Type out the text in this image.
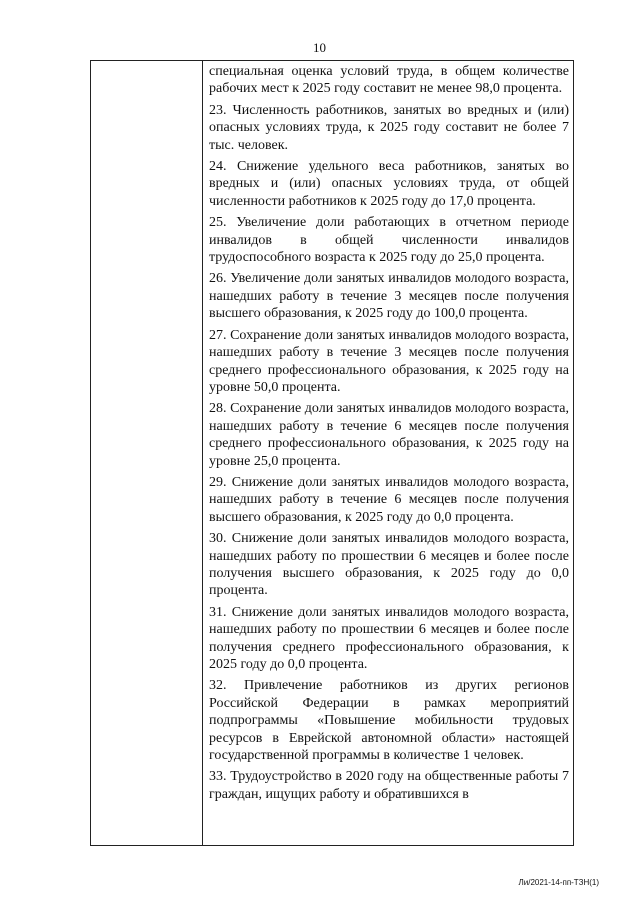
10

специальная оценка условий труда, в общем количестве рабочих мест к 2025 году составит не менее 98,0 процента.

23. Численность работников, занятых во вредных и (или) опасных условиях труда, к 2025 году составит не более 7 тыс. человек.

24. Снижение удельного веса работников, занятых во вредных и (или) опасных условиях труда, от общей численности работников к 2025 году до 17,0 процента.

25. Увеличение доли работающих в отчетном периоде инвалидов в общей численности инвалидов трудоспособного возраста к 2025 году до 25,0 процента.

26. Увеличение доли занятых инвалидов молодого возраста, нашедших работу в течение 3 месяцев после получения высшего образования, к 2025 году до 100,0 процента.

27. Сохранение доли занятых инвалидов молодого возраста, нашедших работу в течение 3 месяцев после получения среднего профессионального образования, к 2025 году на уровне 50,0 процента.

28. Сохранение доли занятых инвалидов молодого возраста, нашедших работу в течение 6 месяцев после получения среднего профессионального образования, к 2025 году на уровне 25,0 процента.

29. Снижение доли занятых инвалидов молодого возраста, нашедших работу в течение 6 месяцев после получения высшего образования, к 2025 году до 0,0 процента.

30. Снижение доли занятых инвалидов молодого возраста, нашедших работу по прошествии 6 месяцев и более после получения высшего образования, к 2025 году до 0,0 процента.

31. Снижение доли занятых инвалидов молодого возраста, нашедших работу по прошествии 6 месяцев и более после получения среднего профессионального образования, к 2025 году до 0,0 процента.

32. Привлечение работников из других регионов Российской Федерации в рамках мероприятий подпрограммы «Повышение мобильности трудовых ресурсов в Еврейской автономной области» настоящей государственной программы в количестве 1 человек.

33. Трудоустройство в 2020 году на общественные работы 7 граждан, ищущих работу и обратившихся в

Ли/2021-14-пп-ТЗН(1)
